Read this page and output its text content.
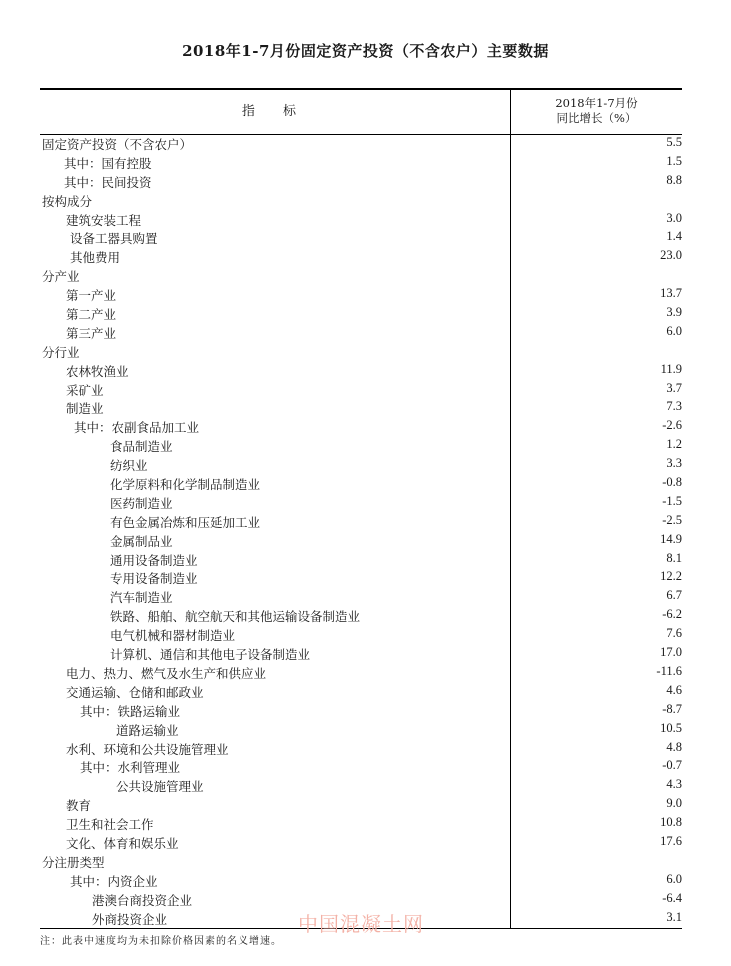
2018年1-7月份固定资产投资（不含农户）主要数据
指 标
2018年1-7月份
同比增长（%）
固定资产投资（不含农户）	5.5
其中：国有控股	1.5
其中：民间投资	8.8
按构成分
建筑安装工程	3.0
设备工器具购置	1.4
其他费用	23.0
分产业
第一产业	13.7
第二产业	3.9
第三产业	6.0
分行业
农林牧渔业	11.9
采矿业	3.7
制造业	7.3
其中：农副食品加工业	-2.6
食品制造业	1.2
纺织业	3.3
化学原料和化学制品制造业	-0.8
医药制造业	-1.5
有色金属冶炼和压延加工业	-2.5
金属制品业	14.9
通用设备制造业	8.1
专用设备制造业	12.2
汽车制造业	6.7
铁路、船舶、航空航天和其他运输设备制造业	-6.2
电气机械和器材制造业	7.6
计算机、通信和其他电子设备制造业	17.0
电力、热力、燃气及水生产和供应业	-11.6
交通运输、仓储和邮政业	4.6
其中：铁路运输业	-8.7
道路运输业	10.5
水利、环境和公共设施管理业	4.8
其中：水利管理业	-0.7
公共设施管理业	4.3
教育	9.0
卫生和社会工作	10.8
文化、体育和娱乐业	17.6
分注册类型
其中：内资企业	6.0
港澳台商投资企业	-6.4
外商投资企业	3.1
注：此表中速度均为未扣除价格因素的名义增速。
中国混凝土网
